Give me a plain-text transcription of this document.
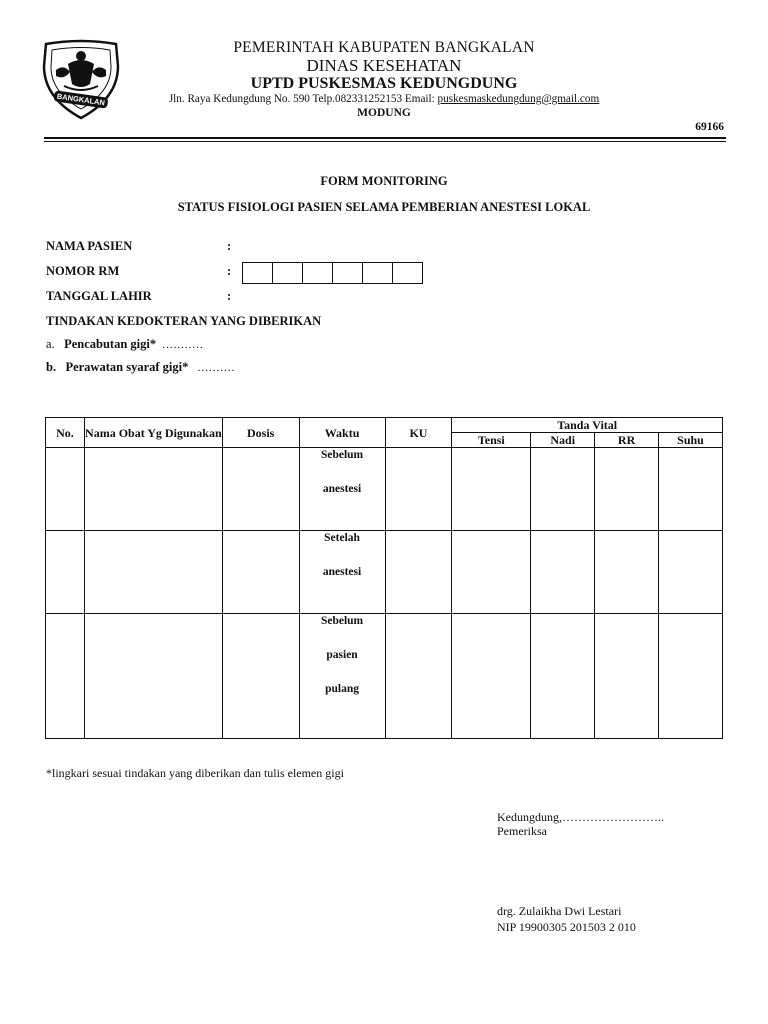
BANGKALAN
PEMERINTAH KABUPATEN BANGKALAN
DINAS KESEHATAN
UPTD PUSKESMAS KEDUNGDUNG
Jln. Raya Kedungdung No. 590 Telp.082331252153 Email: puskesmaskedungdung@gmail.com
MODUNG
69166
FORM MONITORING
STATUS FISIOLOGI PASIEN SELAMA PEMBERIAN ANESTESI LOKAL
NAMA PASIEN	:
NOMOR RM	:
TANGGAL LAHIR	:
TINDAKAN KEDOKTERAN YANG DIBERIKAN
a. Pencabutan gigi* ...........
b. Perawatan syaraf gigi* ..........
No.	Nama Obat Yg Digunakan	Dosis	Waktu	KU	Tanda Vital			
					Tensi	Nadi	RR	Suhu

			Sebelum
anestesi					

			Setelah
anestesi					

			Sebelum
pasien
pulang					

*lingkari sesuai tindakan yang diberikan dan tulis elemen gigi
Kedungdung,……………………..
Pemeriksa
drg. Zulaikha Dwi Lestari
NIP 19900305 201503 2 010
